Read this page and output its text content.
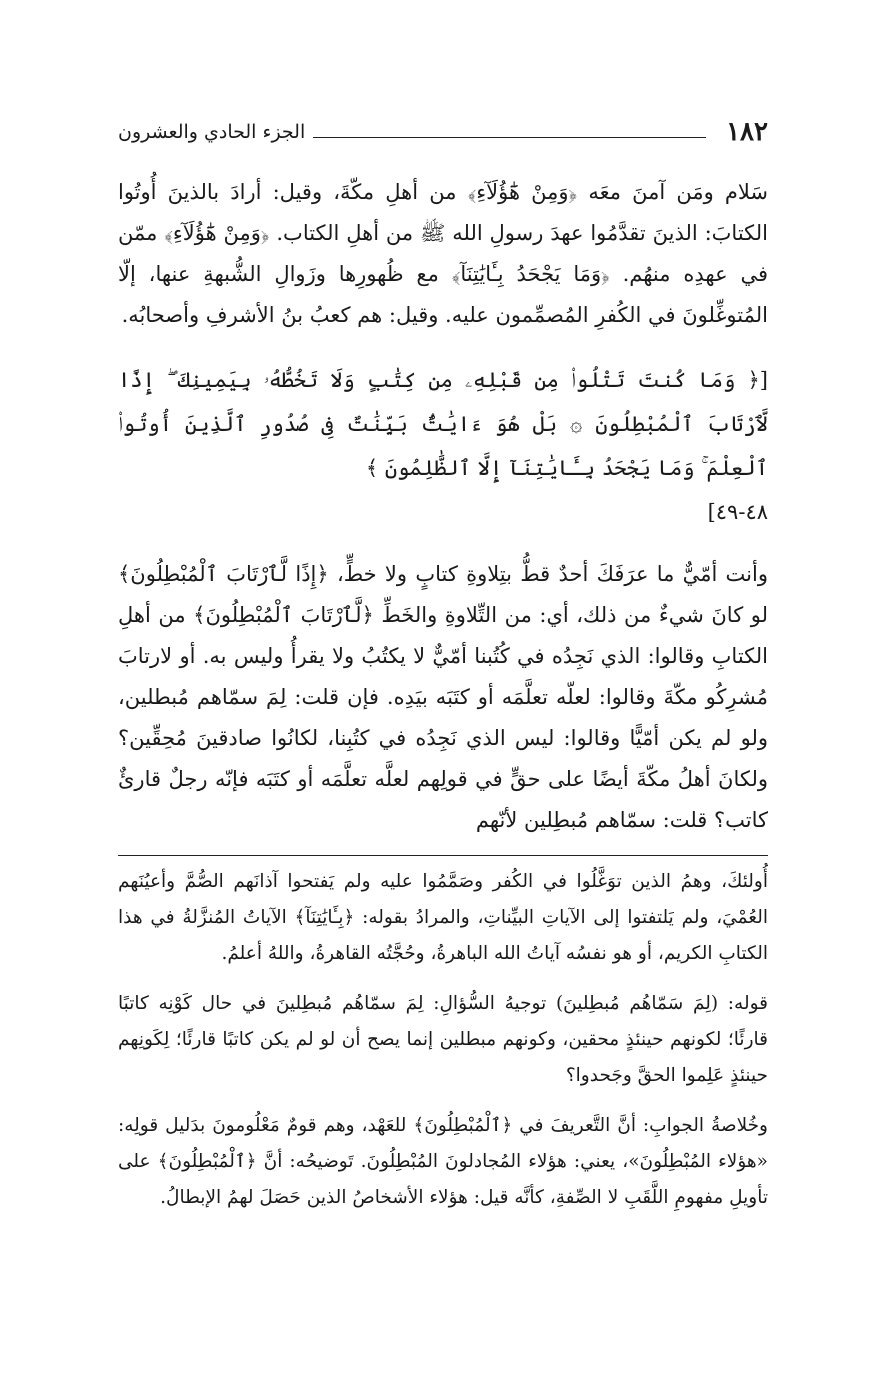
١٨٢
الجزء الحادي والعشرون

سَلام ومَن آمنَ معَه ﴿وَمِنْ هَٰٓؤُلَآءِ﴾ من أهلِ مكّةَ، وقيل: أرادَ بالذينَ أُوتُوا الكتابَ: الذينَ تقدَّمُوا عهدَ رسولِ الله ﷺ من أهلِ الكتاب. ﴿وَمِنْ هَٰٓؤُلَآءِ﴾ ممّن في عهدِه منهُم. ﴿وَمَا يَجْحَدُ بِـَٔايَٰتِنَآ﴾ مع ظُهورِها وزَوالِ الشُّبهةِ عنها، إلّا المُتوغِّلونَ في الكُفرِ المُصمِّمون عليه. وقيل: هم كعبُ بنُ الأشرفِ وأصحابُه.

[﴿ وَمَا كُنتَ تَتْلُوا۟ مِن قَبْلِهِۦ مِن كِتَٰبٍ وَلَا تَخُطُّهُۥ بِيَمِينِكَ ۖ إِذًا لَّٱرْتَابَ ٱلْمُبْطِلُونَ ۞ بَلْ هُوَ ءَايَٰتٌۢ بَيِّنَٰتٌ فِى صُدُورِ ٱلَّذِينَ أُوتُوا۟ ٱلْعِلْمَ ۚ وَمَا يَجْحَدُ بِـَٔايَٰتِنَآ إِلَّا ٱلظَّٰلِمُونَ ﴾
٤٨-٤٩]

وأنت أمّيٌّ ما عرَفَكَ أحدٌ قطُّ بتِلاوةِ كتابٍ ولا خطٍّ، ﴿إِذًا لَّٱرْتَابَ ٱلْمُبْطِلُونَ﴾ لو كانَ شيءٌ من ذلك، أي: من التِّلاوةِ والخَطِّ ﴿لَّٱرْتَابَ ٱلْمُبْطِلُونَ﴾ من أهلِ الكتابِ وقالوا: الذي نَجِدُه في كُتُبنا أمّيٌّ لا يكتُبُ ولا يقرأُ وليس به. أو لارتابَ مُشرِكُو مكّةَ وقالوا: لعلّه تعلَّمَه أو كتَبَه بيَدِه. فإن قلت: لِمَ سمّاهم مُبطلين، ولو لم يكن أمّيًّا وقالوا: ليس الذي نَجِدُه في كتُبِنا، لكانُوا صادقينَ مُحِقِّين؟ ولكانَ أهلُ مكّةَ أيضًا على حقٍّ في قولِهم لعلَّه تعلَّمَه أو كتَبَه فإنّه رجلٌ قارئٌ كاتب؟ قلت: سمّاهم مُبطِلين لأنّهم

أُولئكَ، وهمُ الذين توَغَّلُوا في الكُفر وصَمَّمُوا عليه ولم يَفتحوا آذانَهم الصُّمَّ وأعيُنَهم العُمْيَ، ولم يَلتفتوا إلى الآياتِ البيِّناتِ، والمرادُ بقوله: ﴿بِـَٔايَٰتِنَآ﴾ الآياتُ المُنزَّلةُ في هذا الكتابِ الكريم، أو هو نفسُه آياتُ الله الباهرةُ، وحُجَّتُه القاهرةُ، واللهُ أعلمُ.

قوله: (لِمَ سَمّاهُم مُبطِلينَ) توجيهُ السُّؤالِ: لِمَ سمّاهُم مُبطِلينَ في حال كَوْنِه كاتبًا قارئًا؛ لكونهم حينئذٍ محقين، وكونهم مبطلين إنما يصح أن لو لم يكن كاتبًا قارئًا؛ لِكَونِهم حينئذٍ عَلِموا الحقَّ وجَحدوا؟

وخُلاصةُ الجوابِ: أنَّ التَّعريفَ في ﴿ٱلْمُبْطِلُونَ﴾ للعَهْد، وهم قومٌ مَعْلُومونَ بدَليل قولِه: «هؤلاء المُبْطِلُونَ»، يعني: هؤلاء المُجادلونَ المُبْطِلُونَ. تَوضيحُه: أنَّ ﴿ٱلْمُبْطِلُونَ﴾ على تأويلِ مفهومِ اللَّقَبِ لا الصِّفةِ، كأنَّه قيل: هؤلاء الأشخاصُ الذين حَصَلَ لهمُ الإبطالُ.
